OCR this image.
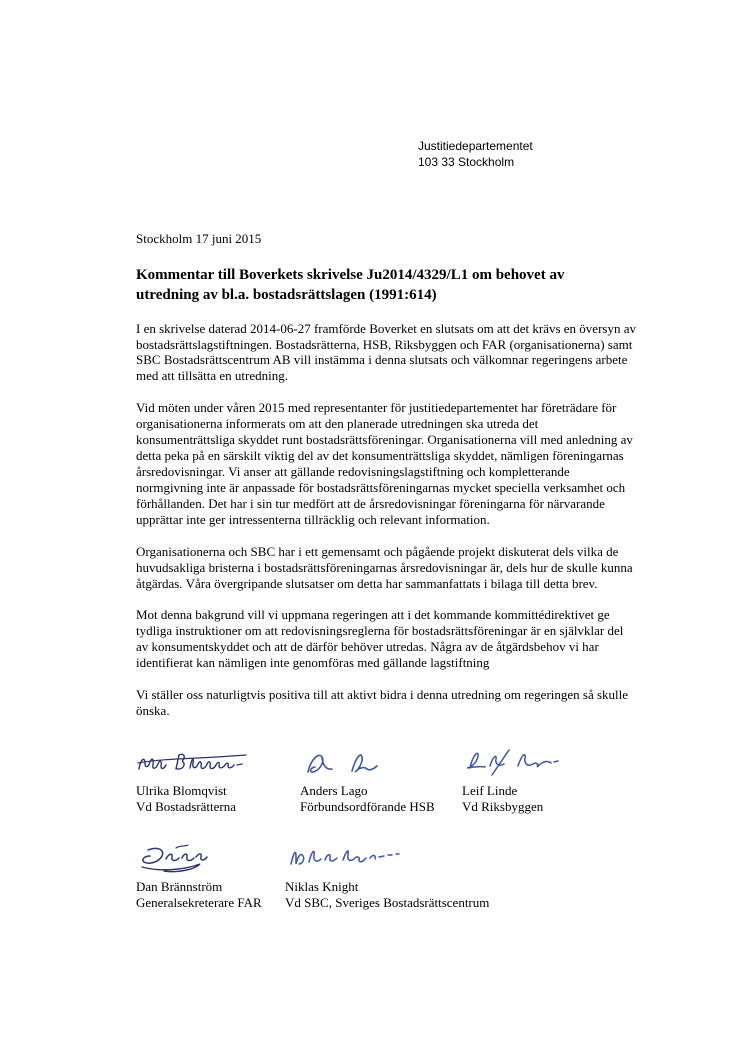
Justitiedepartementet
103 33 Stockholm
Stockholm 17 juni 2015
Kommentar till Boverkets skrivelse Ju2014/4329/L1 om behovet av utredning av bl.a. bostadsrättslagen (1991:614)

I en skrivelse daterad 2014-06-27 framförde Boverket en slutsats om att det krävs en översyn av bostadsrättslagstiftningen. Bostadsrätterna, HSB, Riksbyggen och FAR (organisationerna) samt SBC Bostadsrättscentrum AB vill instämma i denna slutsats och välkomnar regeringens arbete med att tillsätta en utredning.

Vid möten under våren 2015 med representanter för justitiedepartementet har företrädare för organisationerna informerats om att den planerade utredningen ska utreda det konsumenträttsliga skyddet runt bostadsrättsföreningar. Organisationerna vill med anledning av detta peka på en särskilt viktig del av det konsumenträttsliga skyddet, nämligen föreningarnas årsredovisningar. Vi anser att gällande redovisningslagstiftning och kompletterande normgivning inte är anpassade för bostadsrättsföreningarnas mycket speciella verksamhet och förhållanden. Det har i sin tur medfört att de årsredovisningar föreningarna för närvarande upprättar inte ger intressenterna tillräcklig och relevant information.

Organisationerna och SBC har i ett gemensamt och pågående projekt diskuterat dels vilka de huvudsakliga bristerna i bostadsrättsföreningarnas årsredovisningar är, dels hur de skulle kunna åtgärdas. Våra övergripande slutsatser om detta har sammanfattats i bilaga till detta brev.

Mot denna bakgrund vill vi uppmana regeringen att i det kommande kommittédirektivet ge tydliga instruktioner om att redovisningsreglerna för bostadsrättsföreningar är en självklar del av konsumentskyddet och att de därför behöver utredas. Några av de åtgärdsbehov vi har identifierat kan nämligen inte genomföras med gällande lagstiftning

Vi ställer oss naturligtvis positiva till att aktivt bidra i denna utredning om regeringen så skulle önska.

Ulrika Blomqvist
Vd Bostadsrätterna
Anders Lago
Förbundsordförande HSB
Leif Linde
Vd Riksbyggen
Dan Brännström
Generalsekreterare FAR
Niklas Knight
Vd SBC, Sveriges Bostadsrättscentrum
